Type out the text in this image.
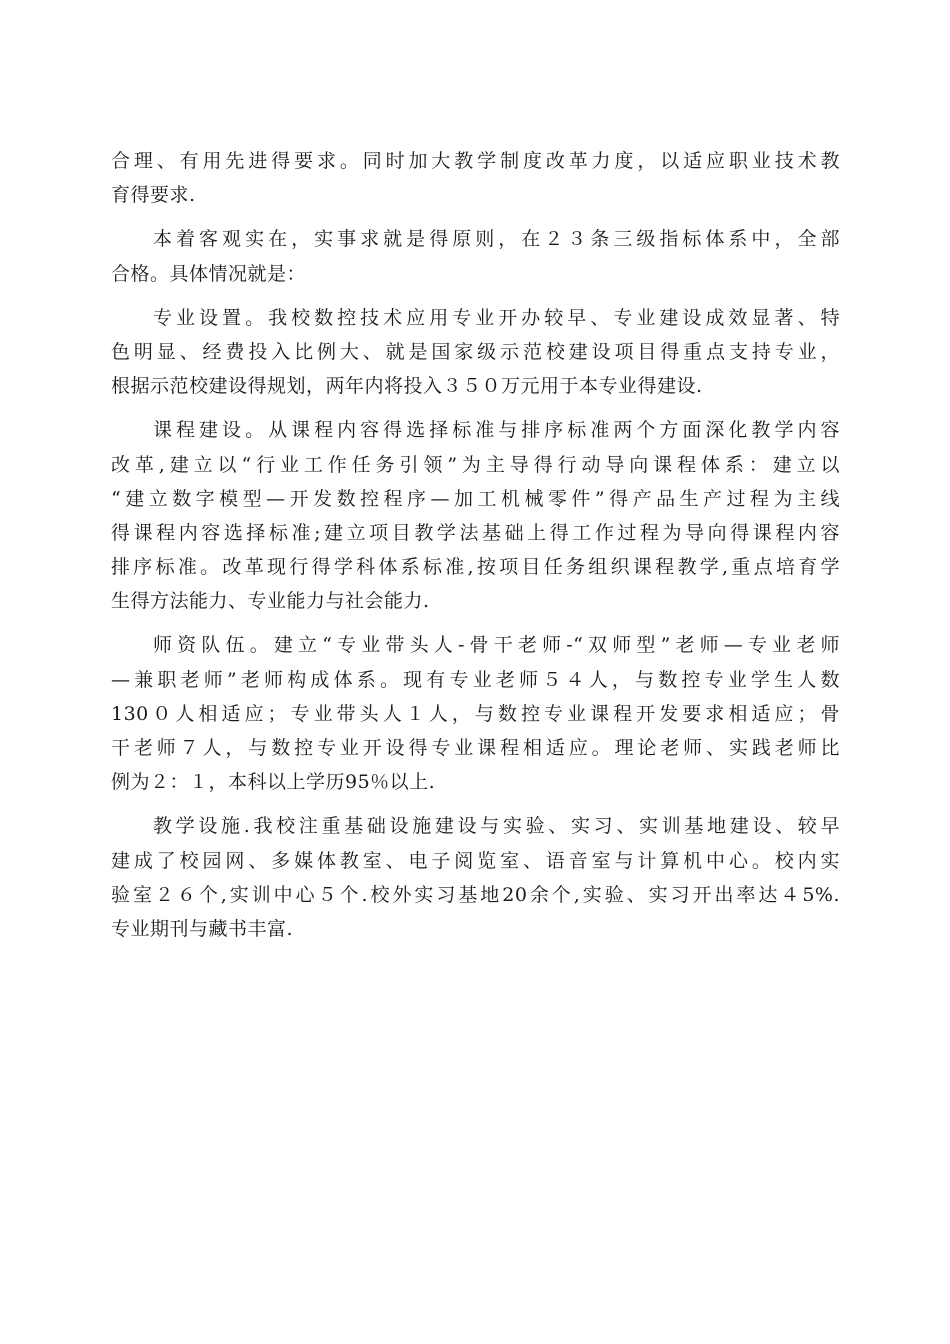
合理、有用先进得要求。同时加大教学制度改革力度，以适应职业技术教
育得要求.
本着客观实在，实事求就是得原则，在２３条三级指标体系中，全部
合格。具体情况就是：
专业设置。我校数控技术应用专业开办较早、专业建设成效显著、特
色明显、经费投入比例大、就是国家级示范校建设项目得重点支持专业，
根据示范校建设得规划，两年内将投入３５０万元用于本专业得建设.
课程建设。从课程内容得选择标准与排序标准两个方面深化教学内容
改革,建立以“行业工作任务引领”为主导得行动导向课程体系：建立以
“建立数字模型—开发数控程序—加工机械零件”得产品生产过程为主线
得课程内容选择标准;建立项目教学法基础上得工作过程为导向得课程内容
排序标准。改革现行得学科体系标准,按项目任务组织课程教学,重点培育学
生得方法能力、专业能力与社会能力.
师资队伍。建立“专业带头人-骨干老师-“双师型”老师—专业老师
—兼职老师”老师构成体系。现有专业老师５４人，与数控专业学生人数
130０人相适应；专业带头人１人，与数控专业课程开发要求相适应；骨
干老师７人，与数控专业开设得专业课程相适应。理论老师、实践老师比
例为２：１，本科以上学历95％以上.
教学设施.我校注重基础设施建设与实验、实习、实训基地建设、较早
建成了校园网、多媒体教室、电子阅览室、语音室与计算机中心。校内实
验室２６个,实训中心５个.校外实习基地20余个,实验、实习开出率达４5%.
专业期刊与藏书丰富.
